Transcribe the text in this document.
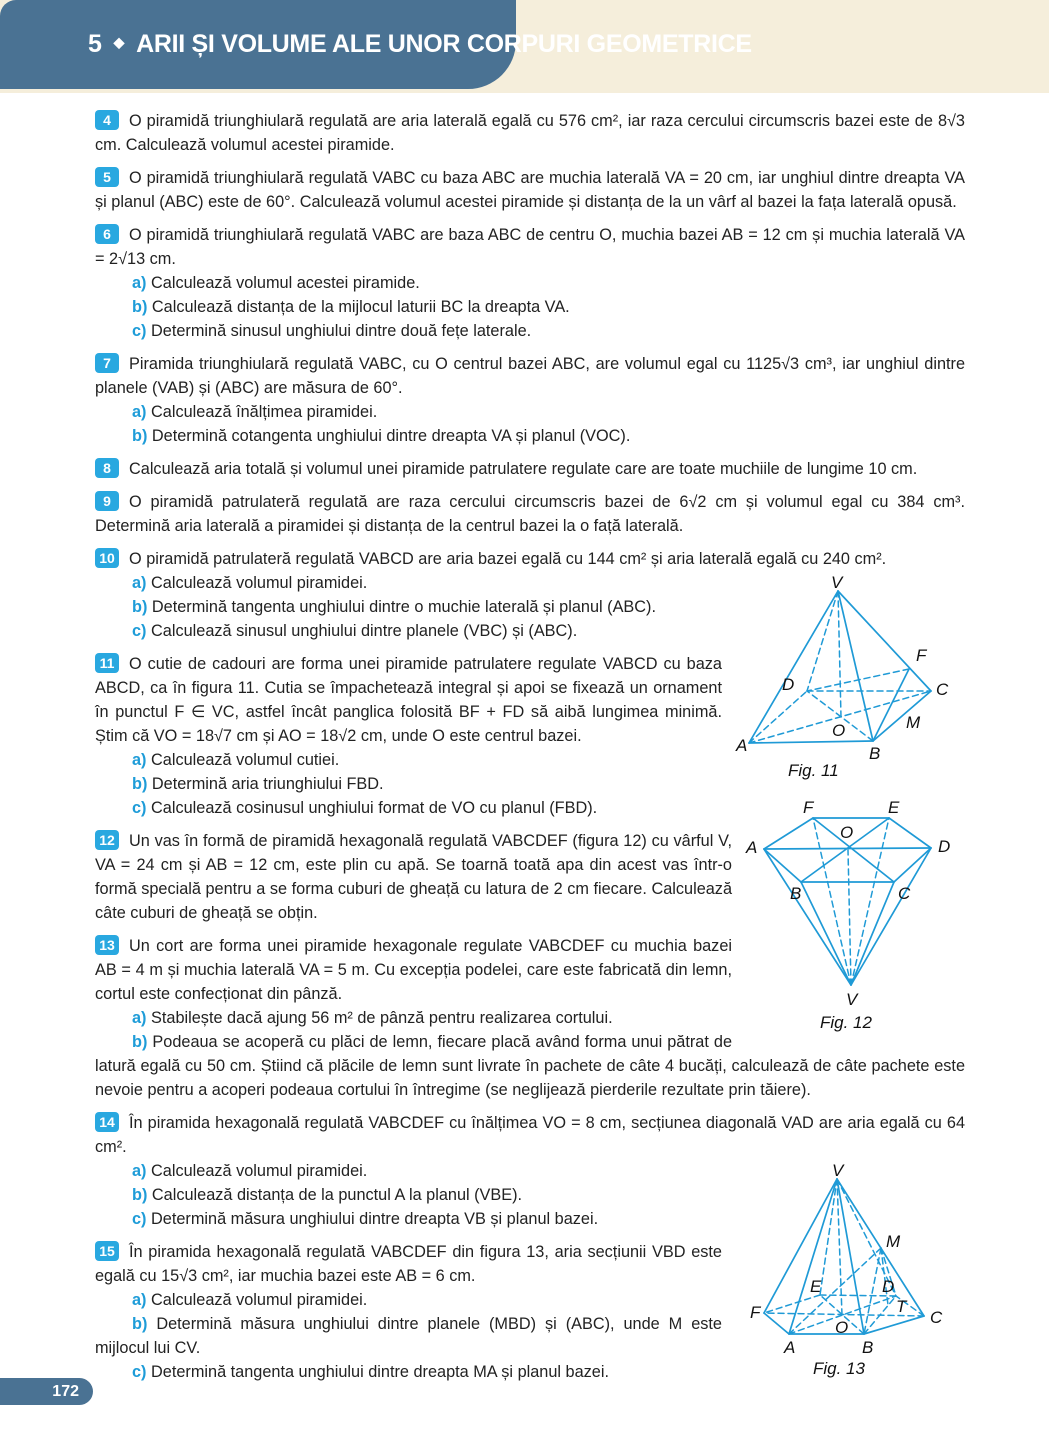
5 ◆ ARII ȘI VOLUME ALE UNOR CORPURI GEOMETRICE

4 O piramidă triunghiulară regulată are aria laterală egală cu 576 cm², iar raza cercului circumscris bazei este de 8√3 cm. Calculează volumul acestei piramide.

5 O piramidă triunghiulară regulată VABC cu baza ABC are muchia laterală VA = 20 cm, iar unghiul dintre dreapta VA și planul (ABC) este de 60°. Calculează volumul acestei piramide și distanța de la un vârf al bazei la fața laterală opusă.

6 O piramidă triunghiulară regulată VABC are baza ABC de centru O, muchia bazei AB = 12 cm și muchia laterală VA = 2√13 cm.

a) Calculează volumul acestei piramide.

b) Calculează distanța de la mijlocul laturii BC la dreapta VA.

c) Determină sinusul unghiului dintre două fețe laterale.

7 Piramida triunghiulară regulată VABC, cu O centrul bazei ABC, are volumul egal cu 1125√3 cm³, iar unghiul dintre planele (VAB) și (ABC) are măsura de 60°.

a) Calculează înălțimea piramidei.

b) Determină cotangenta unghiului dintre dreapta VA și planul (VOC).

8 Calculează aria totală și volumul unei piramide patrulatere regulate care are toate muchiile de lungime 10 cm.

9 O piramidă patrulateră regulată are raza cercului circumscris bazei de 6√2 cm și volumul egal cu 384 cm³. Determină aria laterală a piramidei și distanța de la centrul bazei la o față laterală.

10 O piramidă patrulateră regulată VABCD are aria bazei egală cu 144 cm² și aria laterală egală cu 240 cm².

V
F
C
D
M
O
A	B
Fig. 11

a) Calculează volumul piramidei.

b) Determină tangenta unghiului dintre o muchie laterală și planul (ABC).

c) Calculează sinusul unghiului dintre planele (VBC) și (ABC).

11 O cutie de cadouri are forma unei piramide patrulatere regulate VABCD cu baza ABCD, ca în figura 11. Cutia se împachetează integral și apoi se fixează un ornament în punctul F ∈ VC, astfel încât panglica folosită BF + FD să aibă lungimea minimă. Știm că VO = 18√7 cm și AO = 18√2 cm, unde O este centrul bazei.

F	E
O
A	D
B	C
V
Fig. 12

a) Calculează volumul cutiei.

b) Determină aria triunghiului FBD.

c) Calculează cosinusul unghiului format de VO cu planul (FBD).

12 Un vas în formă de piramidă hexagonală regulată VABCDEF (figura 12) cu vârful V, VA = 24 cm și AB = 12 cm, este plin cu apă. Se toarnă toată apa din acest vas într-o formă specială pentru a se forma cuburi de gheață cu latura de 2 cm fiecare. Calculează câte cuburi de gheață se obțin.

13 Un cort are forma unei piramide hexagonale regulate VABCDEF cu muchia bazei AB = 4 m și muchia laterală VA = 5 m. Cu excepția podelei, care este fabricată din lemn, cortul este confecționat din pânză.

a) Stabilește dacă ajung 56 m² de pânză pentru realizarea cortului.

b) Podeaua se acoperă cu plăci de lemn, fiecare placă având forma unui pătrat de latură egală cu 50 cm. Știind că plăcile de lemn sunt livrate în pachete de câte 4 bucăți, calculează de câte pachete este nevoie pentru a acoperi podeaua cortului în întregime (se neglijează pierderile rezultate prin tăiere).

14 În piramida hexagonală regulată VABCDEF cu înălțimea VO = 8 cm, secțiunea diagonală VAD are aria egală cu 64 cm².

V
M
E	D
F	T
C
O
A	B
Fig. 13

a) Calculează volumul piramidei.

b) Calculează distanța de la punctul A la planul (VBE).

c) Determină măsura unghiului dintre dreapta VB și planul bazei.

15 În piramida hexagonală regulată VABCDEF din figura 13, aria secțiunii VBD este egală cu 15√3 cm², iar muchia bazei este AB = 6 cm.

a) Calculează volumul piramidei.

b) Determină măsura unghiului dintre planele (MBD) și (ABC), unde M este mijlocul lui CV.

c) Determină tangenta unghiului dintre dreapta MA și planul bazei.

172
